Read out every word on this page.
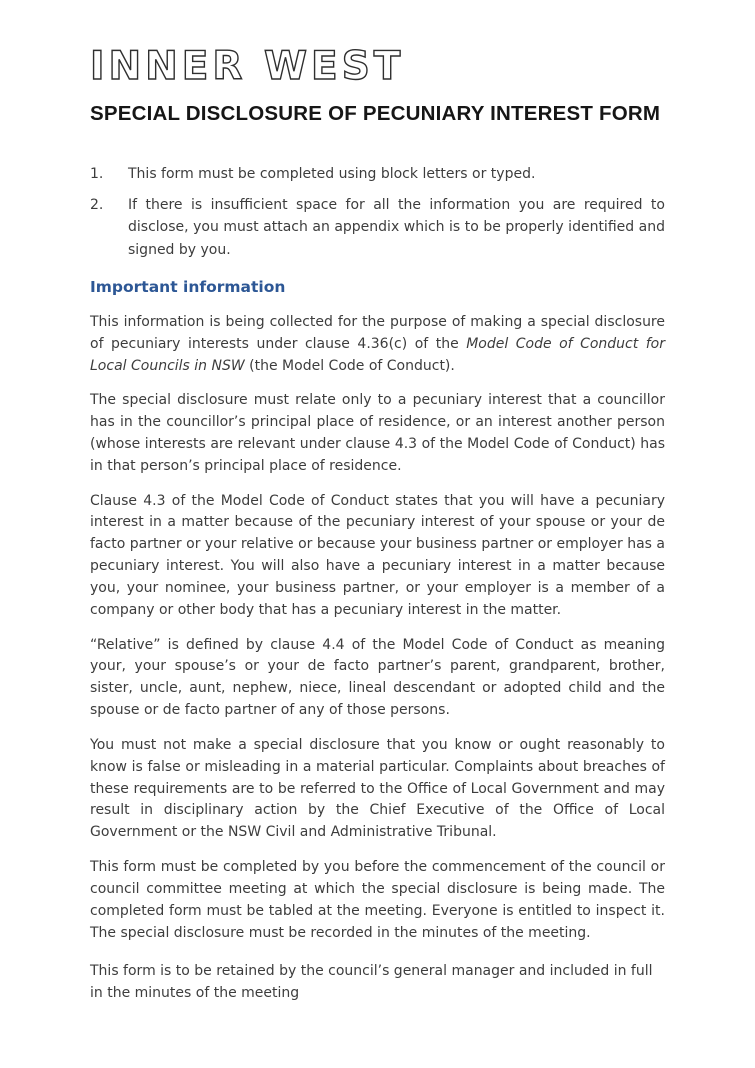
INNER WEST
SPECIAL DISCLOSURE OF PECUNIARY INTEREST FORM
1.	This form must be completed using block letters or typed.
2.	If there is insufficient space for all the information you are required to disclose, you must attach an appendix which is to be properly identified and signed by you.
Important information

This information is being collected for the purpose of making a special disclosure of pecuniary interests under clause 4.36(c) of the Model Code of Conduct for Local Councils in NSW (the Model Code of Conduct).

The special disclosure must relate only to a pecuniary interest that a councillor has in the councillor’s principal place of residence, or an interest another person (whose interests are relevant under clause 4.3 of the Model Code of Conduct) has in that person’s principal place of residence.

Clause 4.3 of the Model Code of Conduct states that you will have a pecuniary interest in a matter because of the pecuniary interest of your spouse or your de facto partner or your relative or because your business partner or employer has a pecuniary interest. You will also have a pecuniary interest in a matter because you, your nominee, your business partner, or your employer is a member of a company or other body that has a pecuniary interest in the matter.

“Relative” is defined by clause 4.4 of the Model Code of Conduct as meaning your, your spouse’s or your de facto partner’s parent, grandparent, brother, sister, uncle, aunt, nephew, niece, lineal descendant or adopted child and the spouse or de facto partner of any of those persons.

You must not make a special disclosure that you know or ought reasonably to know is false or misleading in a material particular. Complaints about breaches of these requirements are to be referred to the Office of Local Government and may result in disciplinary action by the Chief Executive of the Office of Local Government or the NSW Civil and Administrative Tribunal.

This form must be completed by you before the commencement of the council or council committee meeting at which the special disclosure is being made. The completed form must be tabled at the meeting. Everyone is entitled to inspect it. The special disclosure must be recorded in the minutes of the meeting.

This form is to be retained by the council’s general manager and included in full in the minutes of the meeting
